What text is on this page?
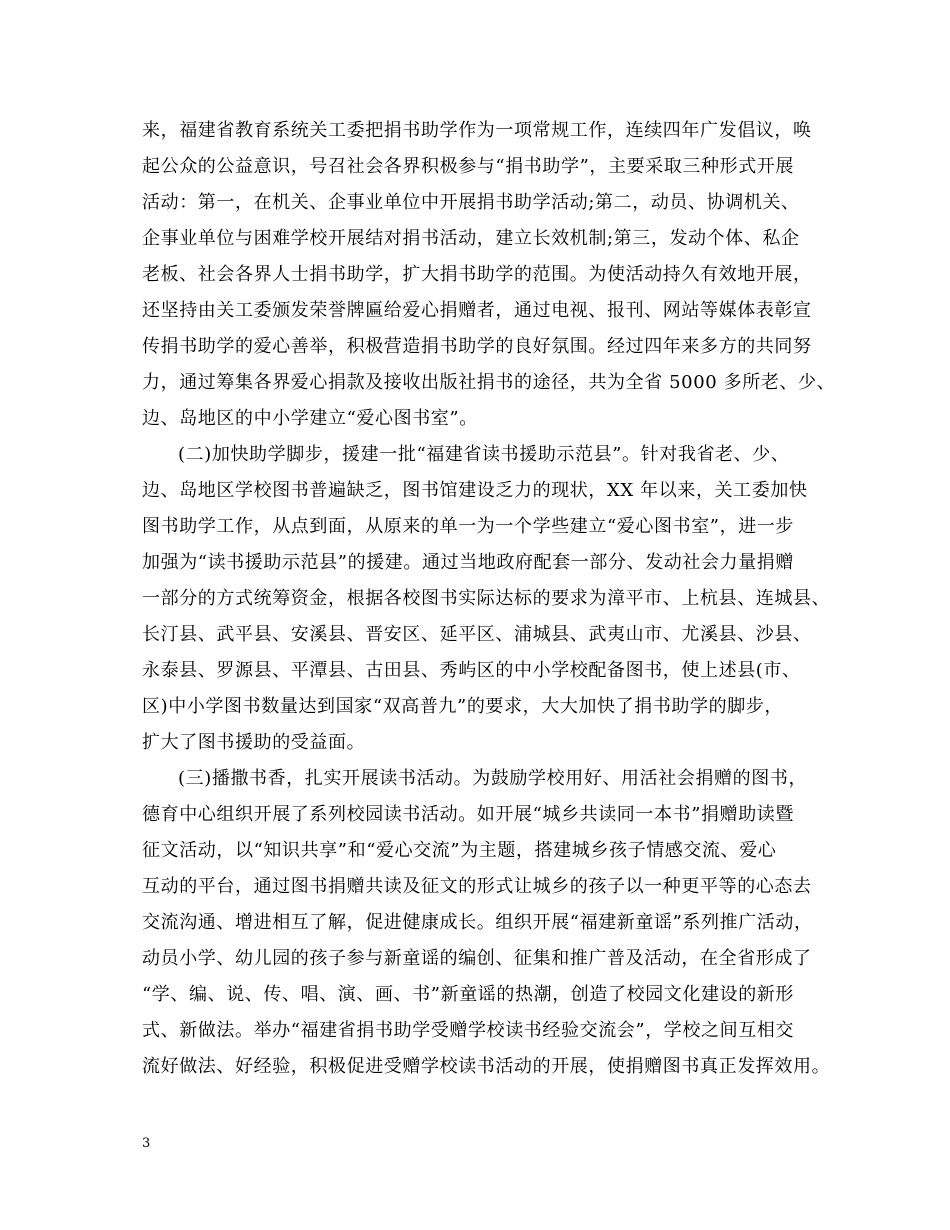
来，福建省教育系统关工委把捐书助学作为一项常规工作，连续四年广发倡议，唤
起公众的公益意识，号召社会各界积极参与“捐书助学”，主要采取三种形式开展
活动：第一，在机关、企事业单位中开展捐书助学活动;第二，动员、协调机关、
企事业单位与困难学校开展结对捐书活动，建立长效机制;第三，发动个体、私企
老板、社会各界人士捐书助学，扩大捐书助学的范围。为使活动持久有效地开展，
还坚持由关工委颁发荣誉牌匾给爱心捐赠者，通过电视、报刊、网站等媒体表彰宣
传捐书助学的爱心善举，积极营造捐书助学的良好氛围。经过四年来多方的共同努
力，通过筹集各界爱心捐款及接收出版社捐书的途径，共为全省 5000 多所老、少、
边、岛地区的中小学建立“爱心图书室”。
(二)加快助学脚步，援建一批“福建省读书援助示范县”。针对我省老、少、
边、岛地区学校图书普遍缺乏，图书馆建设乏力的现状，XX 年以来，关工委加快
图书助学工作，从点到面，从原来的单一为一个学些建立“爱心图书室”，进一步
加强为“读书援助示范县”的援建。通过当地政府配套一部分、发动社会力量捐赠
一部分的方式统筹资金，根据各校图书实际达标的要求为漳平市、上杭县、连城县、
长汀县、武平县、安溪县、晋安区、延平区、浦城县、武夷山市、尤溪县、沙县、
永泰县、罗源县、平潭县、古田县、秀屿区的中小学校配备图书，使上述县(市、
区)中小学图书数量达到国家“双高普九”的要求，大大加快了捐书助学的脚步，
扩大了图书援助的受益面。
(三)播撒书香，扎实开展读书活动。为鼓励学校用好、用活社会捐赠的图书，
德育中心组织开展了系列校园读书活动。如开展“城乡共读同一本书”捐赠助读暨
征文活动，以“知识共享”和“爱心交流”为主题，搭建城乡孩子情感交流、爱心
互动的平台，通过图书捐赠共读及征文的形式让城乡的孩子以一种更平等的心态去
交流沟通、增进相互了解，促进健康成长。组织开展“福建新童谣”系列推广活动，
动员小学、幼儿园的孩子参与新童谣的编创、征集和推广普及活动，在全省形成了
“学、编、说、传、唱、演、画、书”新童谣的热潮，创造了校园文化建设的新形
式、新做法。举办“福建省捐书助学受赠学校读书经验交流会”，学校之间互相交
流好做法、好经验，积极促进受赠学校读书活动的开展，使捐赠图书真正发挥效用。
3
